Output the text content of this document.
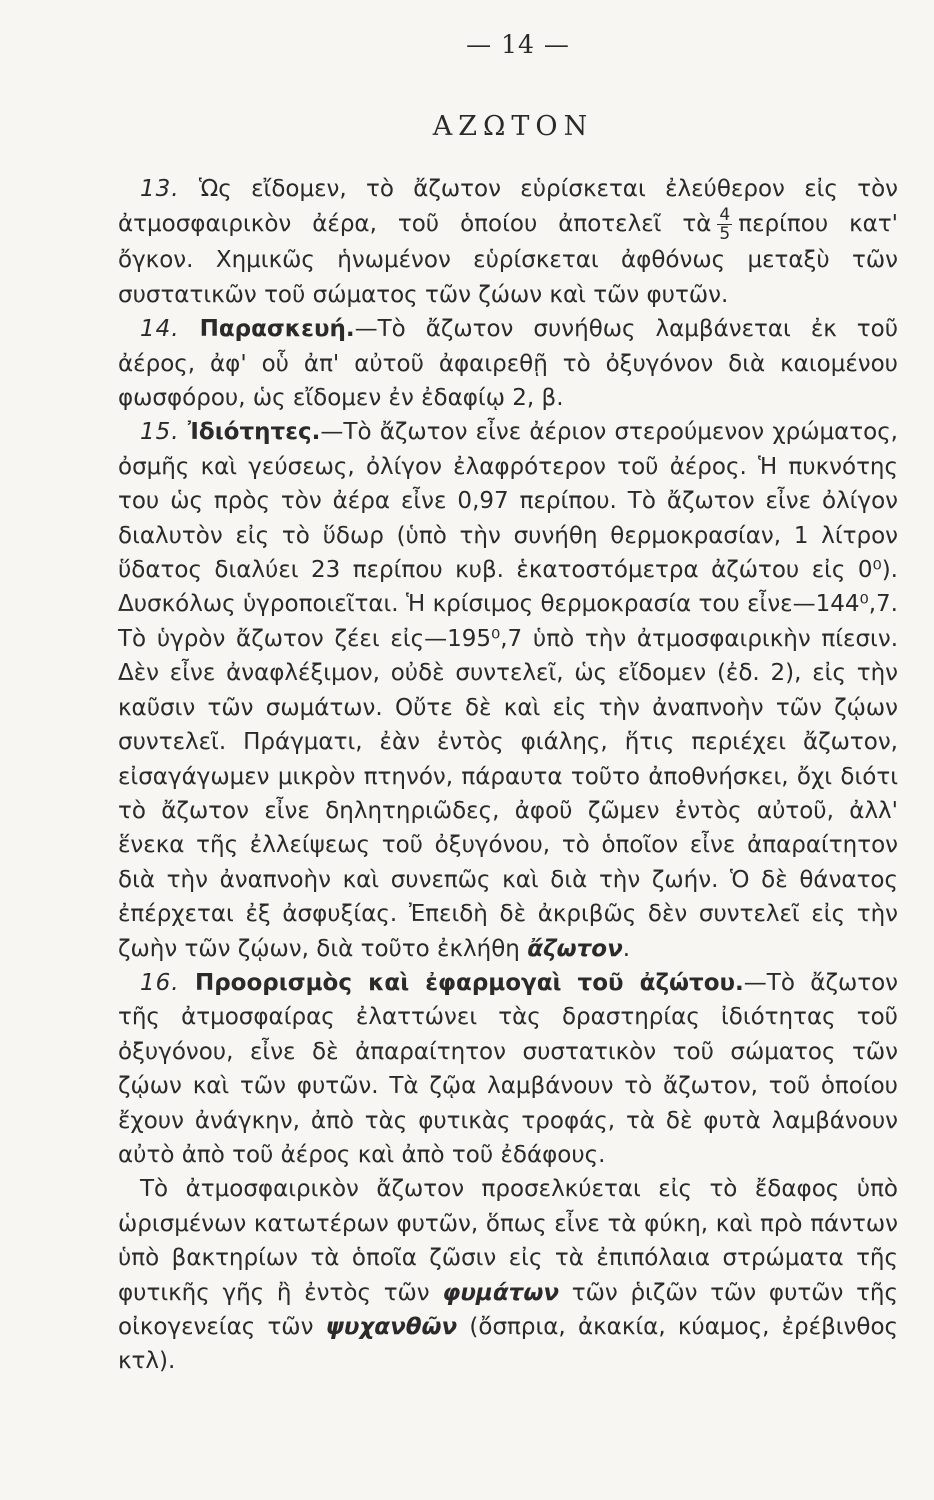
— 14 —
ΑΖΩΤΟΝ

13. Ὡς εἴδομεν, τὸ ἄζωτον εὑρίσκεται ἐλεύθερον εἰς τὸν ἀτμοσφαιρικὸν ἀέρα, τοῦ ὁποίου ἀποτελεῖ τὰ $\frac{4}{5}$ περίπου κατ' ὄγκον. Χημικῶς ἡνωμένον εὑρίσκεται ἀφθόνως μεταξὺ τῶν συστατικῶν τοῦ σώματος τῶν ζώων καὶ τῶν φυτῶν.

14. Παρασκευή.—Τὸ ἄζωτον συνήθως λαμβάνεται ἐκ τοῦ ἀέρος, ἀφ' οὗ ἀπ' αὐτοῦ ἀφαιρεθῇ τὸ ὀξυγόνον διὰ καιομένου φωσφόρου, ὡς εἴδομεν ἐν ἐδαφίῳ 2, β.

15. Ἰδιότητες.—Τὸ ἄζωτον εἶνε ἀέριον στερούμενον χρώματος, ὀσμῆς καὶ γεύσεως, ὀλίγον ἐλαφρότερον τοῦ ἀέρος. Ἡ πυκνότης του ὡς πρὸς τὸν ἀέρα εἶνε 0,97 περίπου. Τὸ ἄζωτον εἶνε ὀλίγον διαλυτὸν εἰς τὸ ὕδωρ (ὑπὸ τὴν συνήθη θερμοκρασίαν, 1 λίτρον ὕδατος διαλύει 23 περίπου κυβ. ἑκατοστόμετρα ἀζώτου εἰς 0⁰). Δυσκόλως ὑγροποιεῖται. Ἡ κρίσιμος θερμοκρασία του εἶνε—144⁰,7. Τὸ ὑγρὸν ἄζωτον ζέει εἰς—195⁰,7 ὑπὸ τὴν ἀτμοσφαιρικὴν πίεσιν. Δὲν εἶνε ἀναφλέξιμον, οὐδὲ συντελεῖ, ὡς εἴδομεν (ἐδ. 2), εἰς τὴν καῦσιν τῶν σωμάτων. Οὔτε δὲ καὶ εἰς τὴν ἀναπνοὴν τῶν ζῴων συντελεῖ. Πράγματι, ἐὰν ἐντὸς φιάλης, ἥτις περιέχει ἄζωτον, εἰσαγάγωμεν μικρὸν πτηνόν, πάραυτα τοῦτο ἀποθνήσκει, ὄχι διότι τὸ ἄζωτον εἶνε δηλητηριῶδες, ἀφοῦ ζῶμεν ἐντὸς αὐτοῦ, ἀλλ' ἕνεκα τῆς ἐλλείψεως τοῦ ὀξυγόνου, τὸ ὁποῖον εἶνε ἀπαραίτητον διὰ τὴν ἀναπνοὴν καὶ συνεπῶς καὶ διὰ τὴν ζωήν. Ὁ δὲ θάνατος ἐπέρχεται ἐξ ἀσφυξίας. Ἐπειδὴ δὲ ἀκριβῶς δὲν συντελεῖ εἰς τὴν ζωὴν τῶν ζῴων, διὰ τοῦτο ἐκλήθη ἄζωτον.

16. Προορισμὸς καὶ ἐφαρμογαὶ τοῦ ἀζώτου.—Τὸ ἄζωτον τῆς ἀτμοσφαίρας ἐλαττώνει τὰς δραστηρίας ἰδιότητας τοῦ ὀξυγόνου, εἶνε δὲ ἀπαραίτητον συστατικὸν τοῦ σώματος τῶν ζῴων καὶ τῶν φυτῶν. Τὰ ζῷα λαμβάνουν τὸ ἄζωτον, τοῦ ὁποίου ἔχουν ἀνάγκην, ἀπὸ τὰς φυτικὰς τροφάς, τὰ δὲ φυτὰ λαμβάνουν αὐτὸ ἀπὸ τοῦ ἀέρος καὶ ἀπὸ τοῦ ἐδάφους.

Τὸ ἀτμοσφαιρικὸν ἄζωτον προσελκύεται εἰς τὸ ἔδαφος ὑπὸ ὡρισμένων κατωτέρων φυτῶν, ὅπως εἶνε τὰ φύκη, καὶ πρὸ πάντων ὑπὸ βακτηρίων τὰ ὁποῖα ζῶσιν εἰς τὰ ἐπιπόλαια στρώματα τῆς φυτικῆς γῆς ἢ ἐντὸς τῶν φυμάτων τῶν ῥιζῶν τῶν φυτῶν τῆς οἰκογενείας τῶν ψυχανθῶν (ὄσπρια, ἀκακία, κύαμος, ἐρέβινθος κτλ).
